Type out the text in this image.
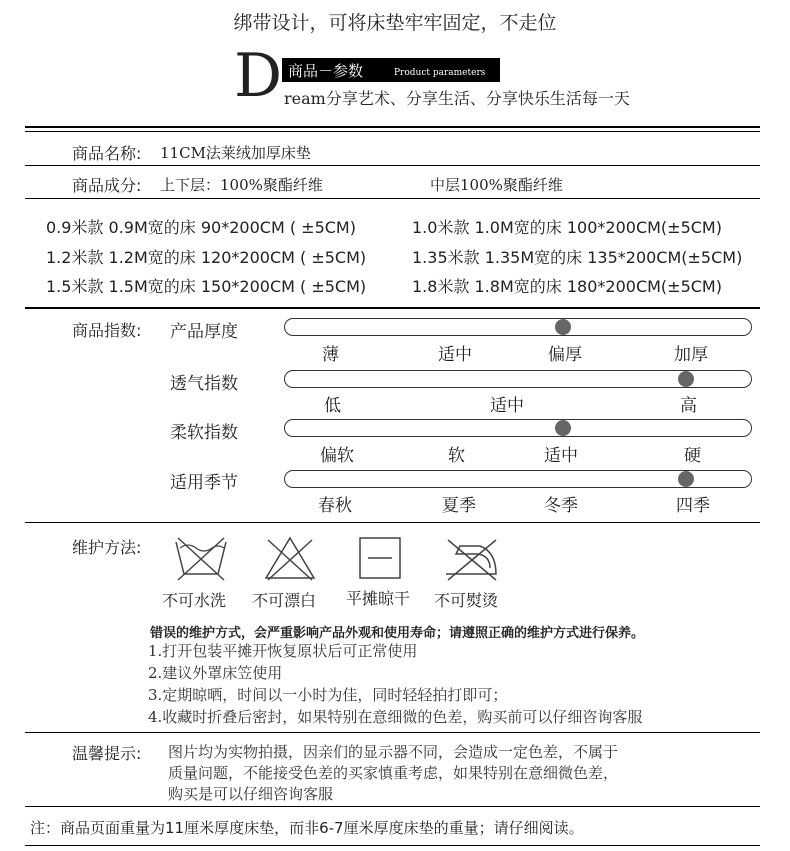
绑带设计，可将床垫牢牢固定，不走位
D 商品－参数	Product parameters
ream分享艺术、分享生活、分享快乐生活每一天
商品名称: 11CM法莱绒加厚床垫
商品成分: 上下层：100%聚酯纤维	中层100%聚酯纤维
0.9米款 0.9M宽的床 90*200CM ( ±5CM)	1.0米款 1.0M宽的床 100*200CM(±5CM)
1.2米款 1.2M宽的床 120*200CM ( ±5CM)	1.35米款 1.35M宽的床 135*200CM(±5CM)
1.5米款 1.5M宽的床 150*200CM ( ±5CM)	1.8米款 1.8M宽的床 180*200CM(±5CM)
商品指数: 产品厚度
薄	适中	偏厚	加厚
透气指数
低	适中	高
柔软指数
偏软	软	适中	硬
适用季节
春秋	夏季	冬季	四季
维护方法:
不可水洗 不可漂白 平摊晾干 不可熨烫
错误的维护方式，会严重影响产品外观和使用寿命；请遵照正确的维护方式进行保养。
1.打开包装平摊开恢复原状后可正常使用
2.建议外罩床笠使用
3.定期晾晒，时间以一小时为佳，同时轻轻拍打即可；
4.收藏时折叠后密封，如果特别在意细微的色差，购买前可以仔细咨询客服
温馨提示: 图片均为实物拍摄，因亲们的显示器不同，会造成一定色差，不属于
质量问题，不能接受色差的买家慎重考虑，如果特别在意细微色差，
购买是可以仔细咨询客服
注：商品页面重量为11厘米厚度床垫，而非6-7厘米厚度床垫的重量；请仔细阅读。
